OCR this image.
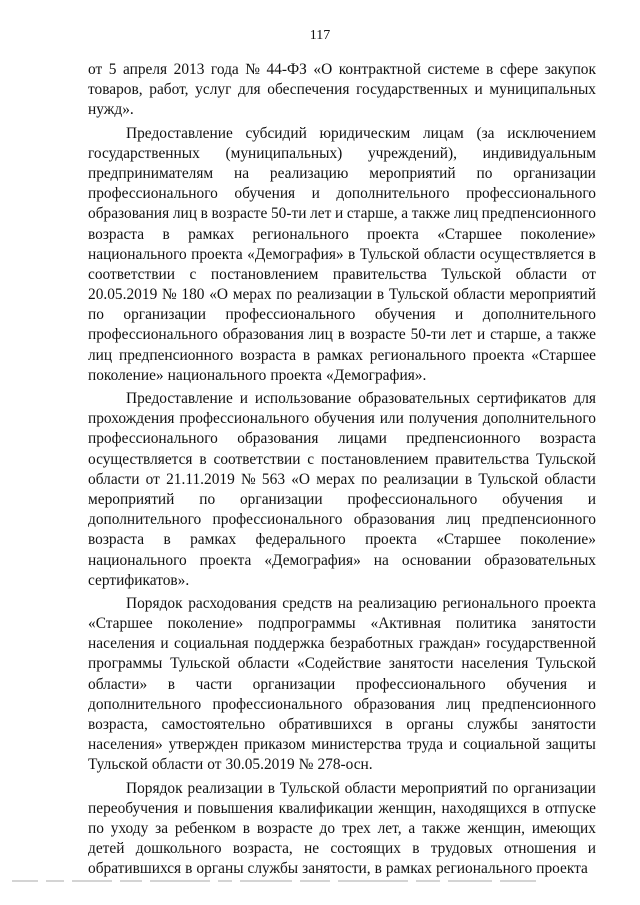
117
от 5 апреля 2013 года № 44-ФЗ «О контрактной системе в сфере закупок
товаров, работ, услуг для обеспечения государственных и муниципальных
нужд».
Предоставление субсидий юридическим лицам (за исключением
государственных (муниципальных) учреждений), индивидуальным
предпринимателям на реализацию мероприятий по организации
профессионального обучения и дополнительного профессионального
образования лиц в возрасте 50-ти лет и старше, а также лиц предпенсионного
возраста в рамках регионального проекта «Старшее поколение»
национального проекта «Демография» в Тульской области осуществляется в
соответствии с постановлением правительства Тульской области от
20.05.2019 № 180 «О мерах по реализации в Тульской области мероприятий
по организации профессионального обучения и дополнительного
профессионального образования лиц в возрасте 50-ти лет и старше, а также
лиц предпенсионного возраста в рамках регионального проекта «Старшее
поколение» национального проекта «Демография».
Предоставление и использование образовательных сертификатов для
прохождения профессионального обучения или получения дополнительного
профессионального образования лицами предпенсионного возраста
осуществляется в соответствии с постановлением правительства Тульской
области от 21.11.2019 № 563 «О мерах по реализации в Тульской области
мероприятий по организации профессионального обучения и
дополнительного профессионального образования лиц предпенсионного
возраста в рамках федерального проекта «Старшее поколение»
национального проекта «Демография» на основании образовательных
сертификатов».
Порядок расходования средств на реализацию регионального проекта
«Старшее поколение» подпрограммы «Активная политика занятости
населения и социальная поддержка безработных граждан» государственной
программы Тульской области «Содействие занятости населения Тульской
области» в части организации профессионального обучения и
дополнительного профессионального образования лиц предпенсионного
возраста, самостоятельно обратившихся в органы службы занятости
населения» утвержден приказом министерства труда и социальной защиты
Тульской области от 30.05.2019 № 278-осн.
Порядок реализации в Тульской области мероприятий по организации
переобучения и повышения квалификации женщин, находящихся в отпуске
по уходу за ребенком в возрасте до трех лет, а также женщин, имеющих
детей дошкольного возраста, не состоящих в трудовых отношения и
обратившихся в органы службы занятости, в рамках регионального проекта
